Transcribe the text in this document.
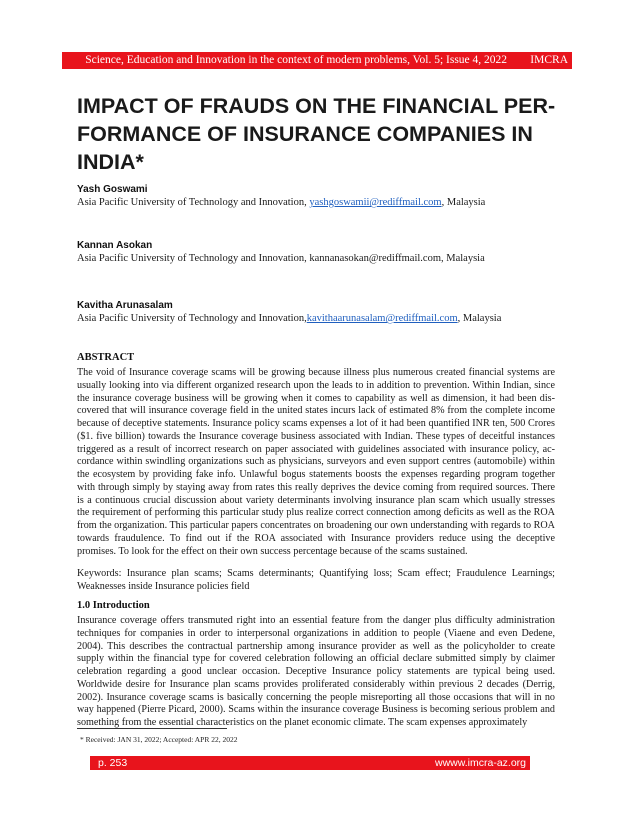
Science, Education and Innovation in the context of modern problems, Vol. 5; Issue 4, 2022	IMCRA
IMPACT OF FRAUDS ON THE FINANCIAL PER-FORMANCE OF INSURANCE COMPANIES IN INDIA*
Yash Goswami
Asia Pacific University of Technology and Innovation, yashgoswamii@rediffmail.com, Malaysia
Kannan Asokan
Asia Pacific University of Technology and Innovation, kannanasokan@rediffmail.com, Malaysia
Kavitha Arunasalam
Asia Pacific University of Technology and Innovation,kavithaarunasalam@rediffmail.com, Malaysia
ABSTRACT

The void of Insurance coverage scams will be growing because illness plus numerous created financial systems are usually looking into via different organized research upon the leads to in addition to prevention. Within Indian, since the insurance coverage business will be growing when it comes to capability as well as dimension, it had been dis-covered that will insurance coverage field in the united states incurs lack of estimated 8% from the complete income because of deceptive statements. Insurance policy scams expenses a lot of it had been quantified INR ten, 500 Crores ($1. five billion) towards the Insurance coverage business associated with Indian. These types of deceitful instances triggered as a result of incorrect research on paper associated with guidelines associated with insurance policy, ac-cordance within swindling organizations such as physicians, surveyors and even support centres (automobile) within the ecosystem by providing fake info. Unlawful bogus statements boosts the expenses regarding program together with through simply by staying away from rates this really deprives the device coming from required sources. There is a continuous crucial discussion about variety determinants involving insurance plan scam which usually stresses the requirement of performing this particular study plus realize correct connection among deficits as well as the ROA from the organization. This particular papers concentrates on broadening our own understanding with regards to ROA towards fraudulence. To find out if the ROA associated with Insurance providers reduce using the deceptive promises. To look for the effect on their own success percentage because of the scams sustained.

Keywords: Insurance plan scams; Scams determinants; Quantifying loss; Scam effect; Fraudulence Learnings; Weaknesses inside Insurance policies field

1.0 Introduction

Insurance coverage offers transmuted right into an essential feature from the danger plus difficulty administration techniques for companies in order to interpersonal organizations in addition to people (Viaene and even Dedene, 2004). This describes the contractual partnership among insurance provider as well as the policyholder to create supply within the financial type for covered celebration following an official declare submitted simply by claimer celebration regarding a good unclear occasion. Deceptive Insurance policy statements are typical being used. Worldwide desire for Insurance plan scams provides proliferated considerably within previous 2 decades (Derrig, 2002). Insurance coverage scams is basically concerning the people misreporting all those occasions that will in no way happened (Pierre Picard, 2000). Scams within the insurance coverage Business is becoming serious problem and something from the essential characteristics on the planet economic climate. The scam expenses approximately

* Received: JAN 31, 2022; Accepted: APR 22, 2022
p. 253	wwww.imcra-az.org
